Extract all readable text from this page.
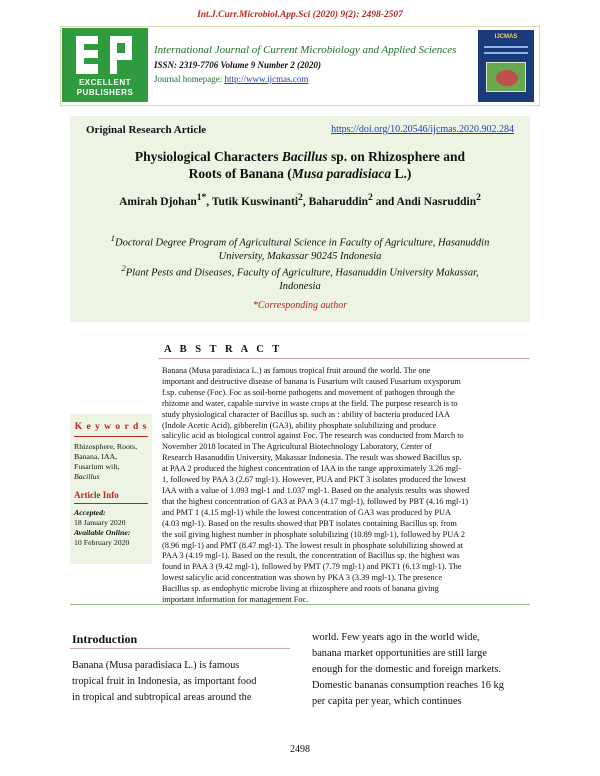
Int.J.Curr.Microbiol.App.Sci (2020) 9(2): 2498-2507
EXCELLENT
PUBLISHERS
International Journal of Current Microbiology and Applied Sciences
ISSN: 2319-7706 Volume 9 Number 2 (2020)
Journal homepage: http://www.ijcmas.com
IJCMAS
Original Research Article	https://doi.org/10.20546/ijcmas.2020.902.284
Physiological Characters Bacillus sp. on Rhizosphere and
Roots of Banana (Musa paradisiaca L.)
Amirah Djohan$^{1*}$, Tutik Kuswinanti$^2$, Baharuddin$^2$ and Andi Nasruddin$^2$
$^1$Doctoral Degree Program of Agricultural Science in Faculty of Agriculture, Hasanuddin
University, Makassar 90245 Indonesia
$^2$Plant Pests and Diseases, Faculty of Agriculture, Hasanuddin University Makassar,
Indonesia
*Corresponding author
A B S T R A C T
Banana (Musa paradisiaca L.) as famous tropical fruit around the world. The one
important and destructive disease of banana is Fusarium wilt caused Fusarium oxysporum
f.sp. cubense (Foc). Foc as soil-borne pathogens and movement of pathogen through the
rhizome and water, capable survive in waste crops at the field. The purpose research is to
study physiological character of Bacillus sp. such as : ability of bacteria produced IAA
(Indole Acetic Acid), gibberelin (GA3), ability phosphate solubilizing and produce
salicylic acid as biological control against Foc. The research was conducted from March to
November 2018 located in The Agricultural Biotechnology Laboratory, Center of
Research Hasanuddin University, Makassar Indonesia. The result was showed Bacillus sp.
at PAA 2 produced the highest concentration of IAA in the range approximately 3.26 mgl-
1, followed by PAA 3 (2.67 mgl-1). However, PUA and PKT 3 isolates produced the lowest
IAA with a value of 1.093 mgl-1 and 1.037 mgl-1. Based on the analysis results was showed
that the highest concentration of GA3 at PAA 3 (4.17 mgl-1), followed by PBT (4.16 mgl-1)
and PMT 1 (4.15 mgl-1) while the lowest concentration of GA3 was produced by PUA
(4.03 mgl-1). Based on the results showed that PBT isolates containing Bacillus sp. from
the soil giving highest number in phosphate solubilizing (10.89 mgl-1), followed by PUA 2
(8.96 mgl-1) and PMT (8.47 mgl-1). The lowest result in phosphate solubilizing showed at
PAA 3 (4.19 mgl-1). Based on the result, the concentration of Bacillus sp. the highest was
found in PAA 3 (9.42 mgl-1), followed by PMT (7.79 mgl-1) and PKT1 (6.13 mgl-1). The
lowest salicylic acid concentration was shown by PKA 3 (3.39 mgl-1). The presence
Bacillus sp. as endophytic microbe living at rhizosphere and roots of banana giving
important information for management Foc.
K e y w o r d s
Rhizosphere, Roots,
Banana, IAA,
Fusarium wilt,
Bacillus
Article Info
Accepted:
18 January 2020
Available Online:
10 February 2020
Introduction
Banana (Musa paradisiaca L.) is famous
tropical fruit in Indonesia, as important food
in tropical and subtropical areas around the
world. Few years ago in the world wide,
banana market opportunities are still large
enough for the domestic and foreign markets.
Domestic bananas consumption reaches 16 kg
per capita per year, which continues
2498
